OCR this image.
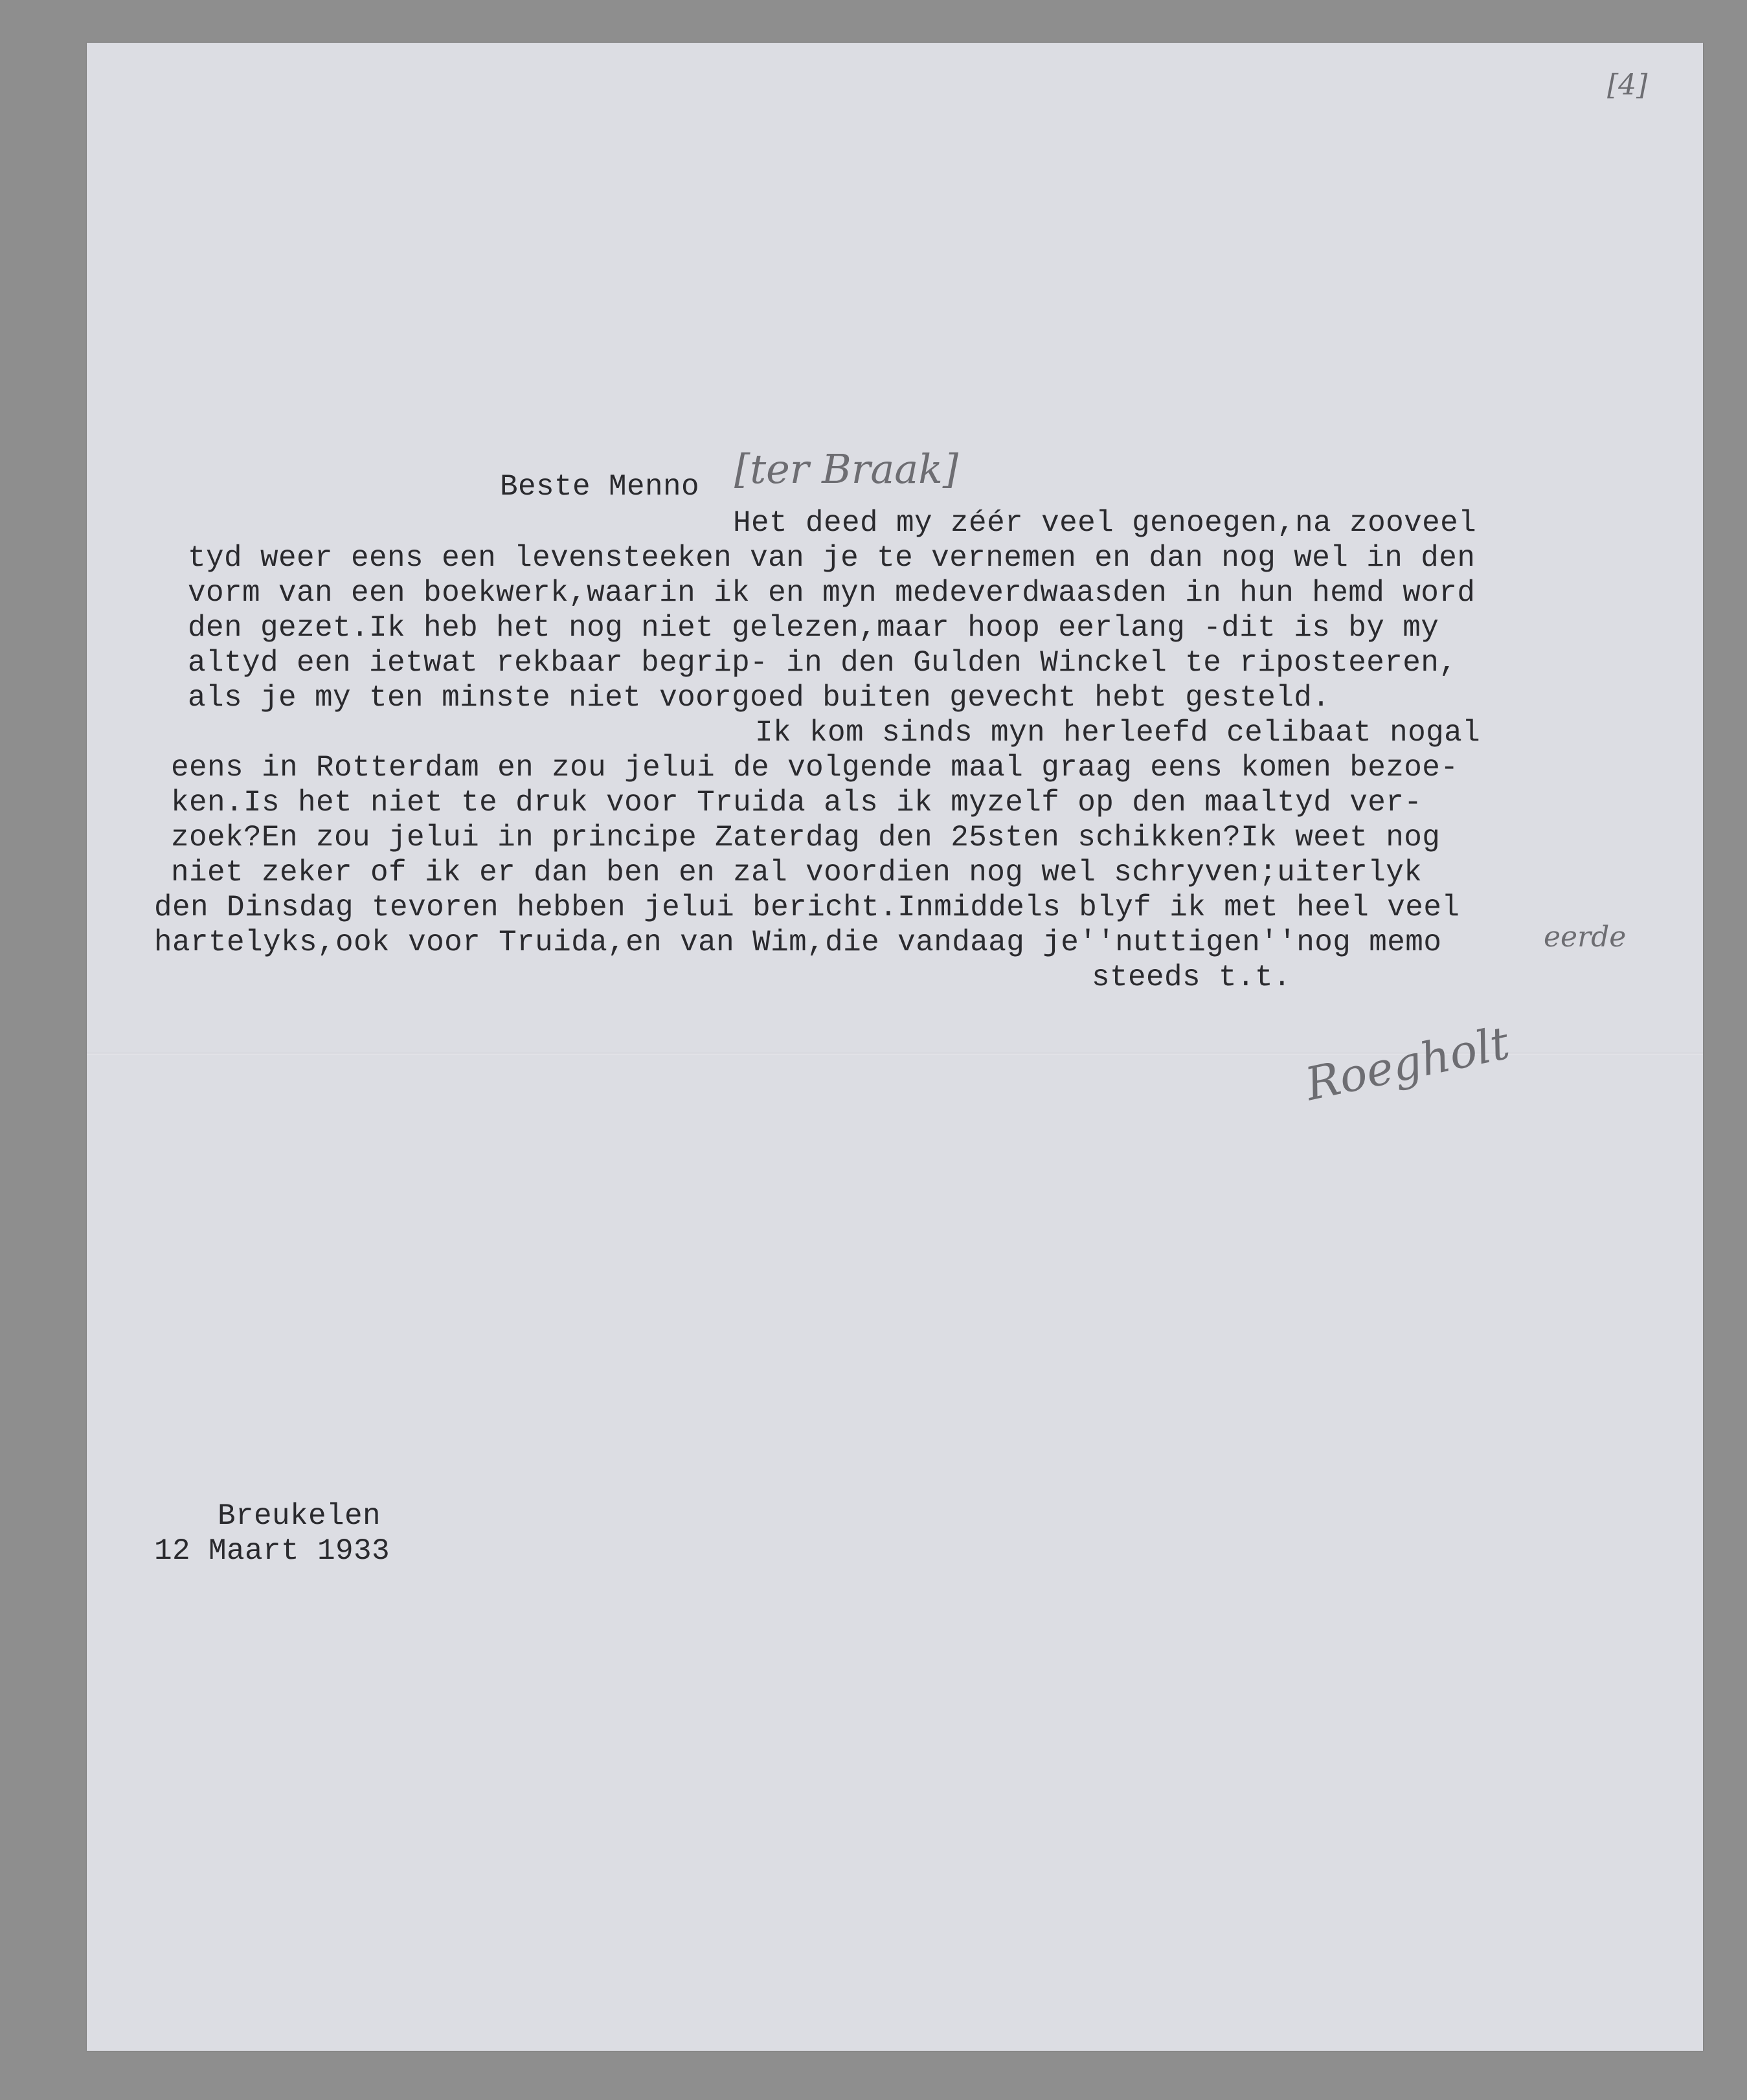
[4]
Beste Menno [ter Braak]
Het deed my zéér veel genoegen,na zooveel
tyd weer eens een levensteeken van je te vernemen en dan nog wel in den
vorm van een boekwerk,waarin ik en myn medeverdwaasden in hun hemd word
den gezet.Ik heb het nog niet gelezen,maar hoop eerlang -dit is by my
altyd een ietwat rekbaar begrip- in den Gulden Winckel te riposteeren,
als je my ten minste niet voorgoed buiten gevecht hebt gesteld.
Ik kom sinds myn herleefd celibaat nogal
eens in Rotterdam en zou jelui de volgende maal graag eens komen bezoe-
ken.Is het niet te druk voor Truida als ik myzelf op den maaltyd ver-
zoek?En zou jelui in principe Zaterdag den 25sten schikken?Ik weet nog
niet zeker of ik er dan ben en zal voordien nog wel schryven;uiterlyk
den Dinsdag tevoren hebben jelui bericht.Inmiddels blyf ik met heel veel
hartelyks,ook voor Truida,en van Wim,die vandaag je''nuttigen''nog memo	eerde
steeds t.t.
Roegholt
Breukelen
12 Maart 1933
